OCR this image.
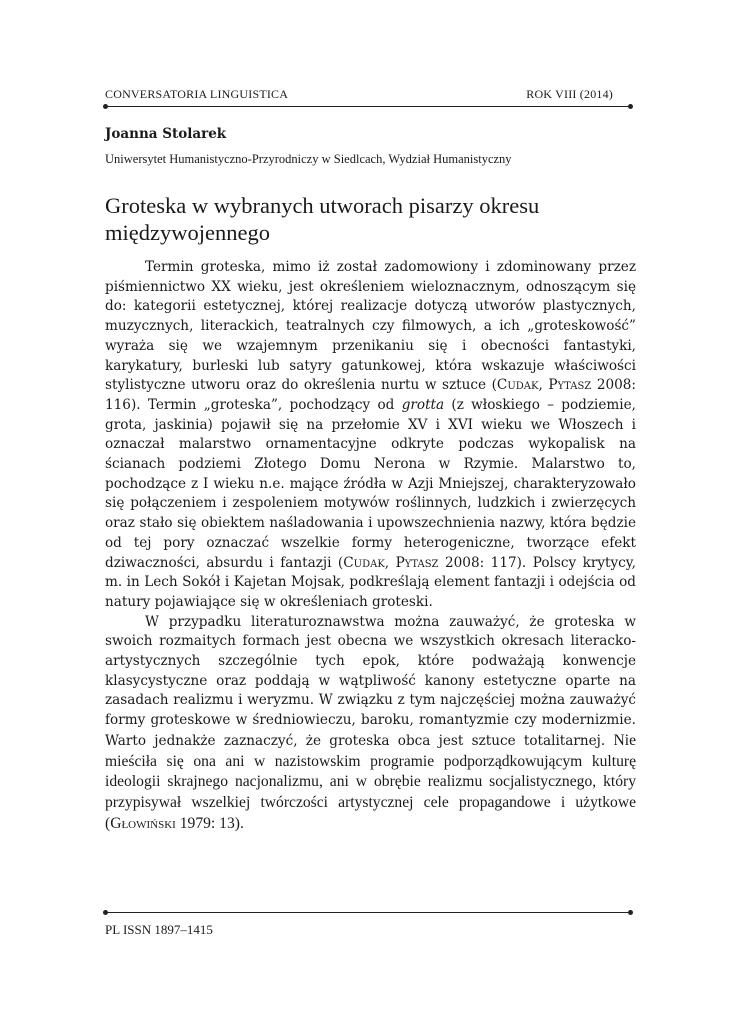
CONVERSATORIA LINGUISTICA	ROK VIII (2014)
Joanna Stolarek
Uniwersytet Humanistyczno-Przyrodniczy w Siedlcach, Wydział Humanistyczny
Groteska w wybranych utworach pisarzy okresu międzywojennego

Termin groteska, mimo iż został zadomowiony i zdominowany przez piśmiennictwo XX wieku, jest określeniem wieloznacznym, odnoszącym się do: kategorii estetycznej, której realizacje dotyczą utworów plastycznych, muzycznych, literackich, teatralnych czy filmowych, a ich „groteskowość” wyraża się we wzajemnym przenikaniu się i obecności fantastyki, karykatury, burleski lub satyry gatunkowej, która wskazuje właściwości stylistyczne utworu oraz do określenia nurtu w sztuce (Cudak, Pytasz 2008: 116). Termin „groteska”, pochodzący od grotta (z włoskiego – podziemie, grota, jaskinia) pojawił się na przełomie XV i XVI wieku we Włoszech i oznaczał malarstwo ornamentacyjne odkryte podczas wykopalisk na ścianach podziemi Złotego Domu Nerona w Rzymie. Malarstwo to, pochodzące z I wieku n.e. mające źródła w Azji Mniejszej, charakteryzowało się połączeniem i zespoleniem motywów roślinnych, ludzkich i zwierzęcych oraz stało się obiektem naśladowania i upowszechnienia nazwy, która będzie od tej pory oznaczać wszelkie formy heterogeniczne, tworzące efekt dziwaczności, absurdu i fantazji (Cudak, Pytasz 2008: 117). Polscy krytycy, m. in Lech Sokół i Kajetan Mojsak, podkreślają element fantazji i odejścia od natury pojawiające się w określeniach groteski.

W przypadku literaturoznawstwa można zauważyć, że groteska w swoich rozmaitych formach jest obecna we wszystkich okresach literacko-artystycznych szczególnie tych epok, które podważają konwencje klasycystyczne oraz poddają w wątpliwość kanony estetyczne oparte na zasadach realizmu i weryzmu. W związku z tym najczęściej można zauważyć formy groteskowe w średniowieczu, baroku, romantyzmie czy modernizmie. Warto jednakże zaznaczyć, że groteska obca jest sztuce totalitarnej. Nie mieściła się ona ani w nazistowskim programie podporządkowującym kulturę ideologii skrajnego nacjonalizmu, ani w obrębie realizmu socjalistycznego, który przypisywał wszelkiej twórczości artystycznej cele propagandowe i użytkowe (Głowiński 1979: 13).

PL ISSN 1897–1415
